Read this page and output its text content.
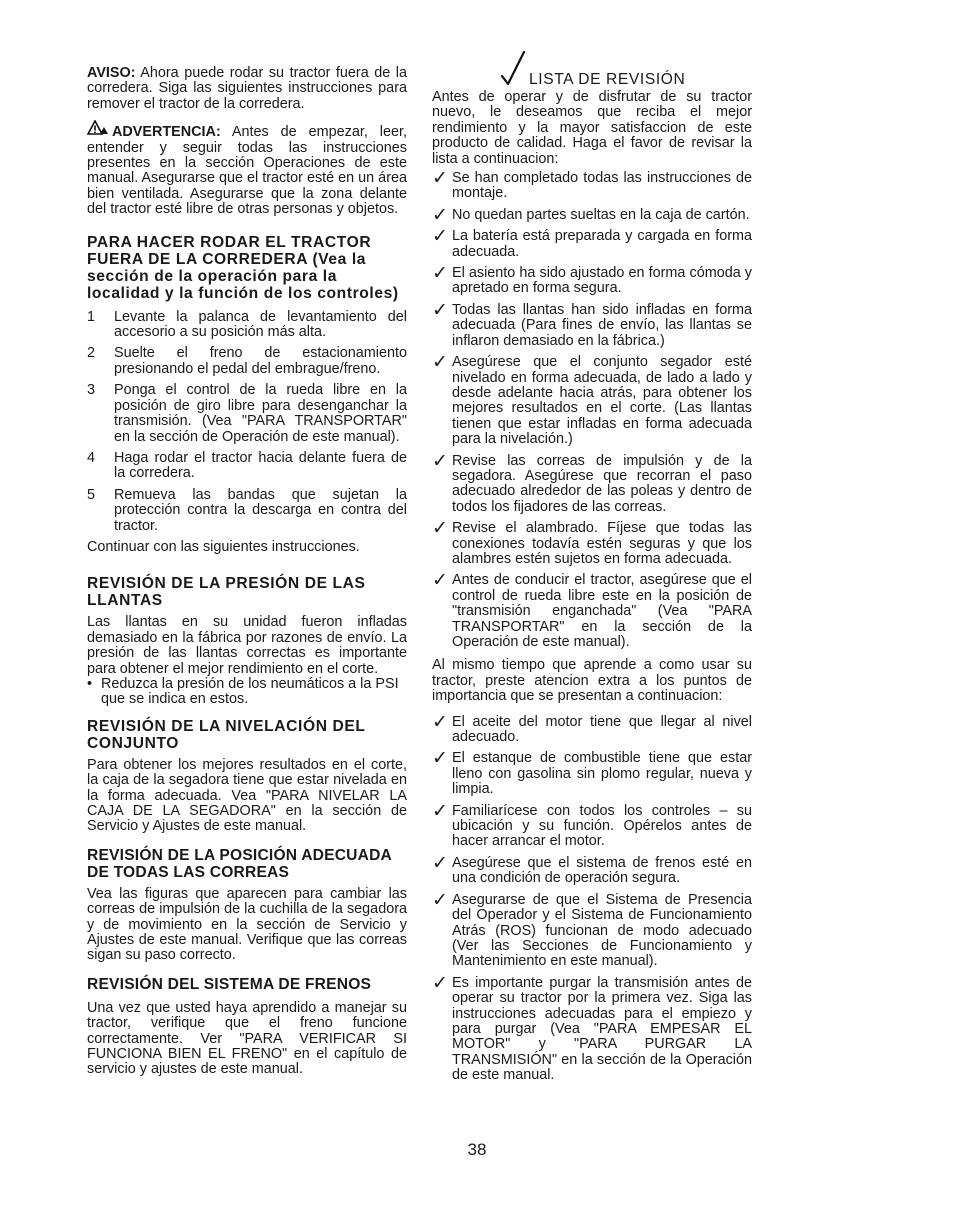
AVISO: Ahora puede rodar su tractor fuera de la corredera. Siga las siguientes instrucciones para remover el tractor de la corredera.

ADVERTENCIA: Antes de empezar, leer, entender y seguir todas las instrucciones presentes en la sección Operaciones de este manual. Asegurarse que el tractor esté en un área bien ventilada. Asegurarse que la zona delante del tractor esté libre de otras personas y objetos.

PARA HACER RODAR EL TRACTOR FUERA DE LA CORREDERA (Vea la sección de la operación para la localidad y la función de los controles)
1	Levante la palanca de levantamiento del accesorio a su posición más alta.
2	Suelte el freno de estacionamiento presionando el pedal del embrague/freno.
3	Ponga el control de la rueda libre en la posición de giro libre para desenganchar la transmisión. (Vea "PARA TRANSPORTAR" en la sección de Operación de este manual).
4	Haga rodar el tractor hacia delante fuera de la corredera.
5	Remueva las bandas que sujetan la protección contra la descarga en contra del tractor.

Continuar con las siguientes instrucciones.

REVISIÓN DE LA PRESIÓN DE LAS LLANTAS

Las llantas en su unidad fueron infladas demasiado en la fábrica por razones de envío. La presión de las llantas correctas es importante para obtener el mejor rendimiento en el corte.

• Reduzca la presión de los neumáticos a la PSI que se indica en estos.
REVISIÓN DE LA NIVELACIÓN DEL CONJUNTO

Para obtener los mejores resultados en el corte, la caja de la segadora tiene que estar nivelada en la forma adecuada. Vea "PARA NIVELAR LA CAJA DE LA SEGADORA" en la sección de Servicio y Ajustes de este manual.

REVISIÓN DE LA POSICIÓN ADECUADA DE TODAS LAS CORREAS

Vea las figuras que aparecen para cambiar las correas de impulsión de la cuchilla de la segadora y de movimiento en la sección de Servicio y Ajustes de este manual. Verifique que las correas sigan su paso correcto.

REVISIÓN DEL SISTEMA DE FRENOS

Una vez que usted haya aprendido a manejar su tractor, verifique que el freno funcione correctamente. Ver "PARA VERIFICAR SI FUNCIONA BIEN EL FRENO" en el capítulo de servicio y ajustes de este manual.

LISTA DE REVISIÓN

Antes de operar y de disfrutar de su tractor nuevo, le deseamos que reciba el mejor rendimiento y la mayor satisfaccion de este producto de calidad. Haga el favor de revisar la lista a continuacion:

✓ Se han completado todas las instrucciones de montaje.
✓ No quedan partes sueltas en la caja de cartón.
✓ La batería está preparada y cargada en forma adecuada.
✓ El asiento ha sido ajustado en forma cómoda y apretado en forma segura.
✓ Todas las llantas han sido infladas en forma adecuada (Para fines de envío, las llantas se inflaron demasiado en la fábrica.)
✓ Asegúrese que el conjunto segador esté nivelado en forma adecuada, de lado a lado y desde adelante hacia atrás, para obtener los mejores resultados en el corte. (Las llantas tienen que estar infladas en forma adecuada para la nivelación.)
✓ Revise las correas de impulsión y de la segadora. Asegúrese que recorran el paso adecuado alrededor de las poleas y dentro de todos los fijadores de las correas.
✓ Revise el alambrado. Fíjese que todas las conexiones todavía estén seguras y que los alambres estén sujetos en forma adecuada.
✓ Antes de conducir el tractor, asegúrese que el control de rueda libre este en la posición de "transmisión enganchada" (Vea "PARA TRANSPORTAR" en la sección de la Operación de este manual).

Al mismo tiempo que aprende a como usar su tractor, preste atencion extra a los puntos de importancia que se presentan a continuacion:

✓ El aceite del motor tiene que llegar al nivel adecuado.
✓ El estanque de combustible tiene que estar lleno con gasolina sin plomo regular, nueva y limpia.
✓ Familiarícese con todos los controles – su ubicación y su función. Opérelos antes de hacer arrancar el motor.
✓ Asegúrese que el sistema de frenos esté en una condición de operación segura.
✓ Asegurarse de que el Sistema de Presencia del Operador y el Sistema de Funcionamiento Atrás (ROS) funcionan de modo adecuado (Ver las Secciones de Funcionamiento y Mantenimiento en este manual).
✓ Es importante purgar la transmisión antes de operar su tractor por la primera vez. Siga las instrucciones adecuadas para el empiezo y para purgar (Vea "PARA EMPESAR EL MOTOR" y "PARA PURGAR LA TRANSMISIÓN" en la sección de la Operación de este manual.
38
